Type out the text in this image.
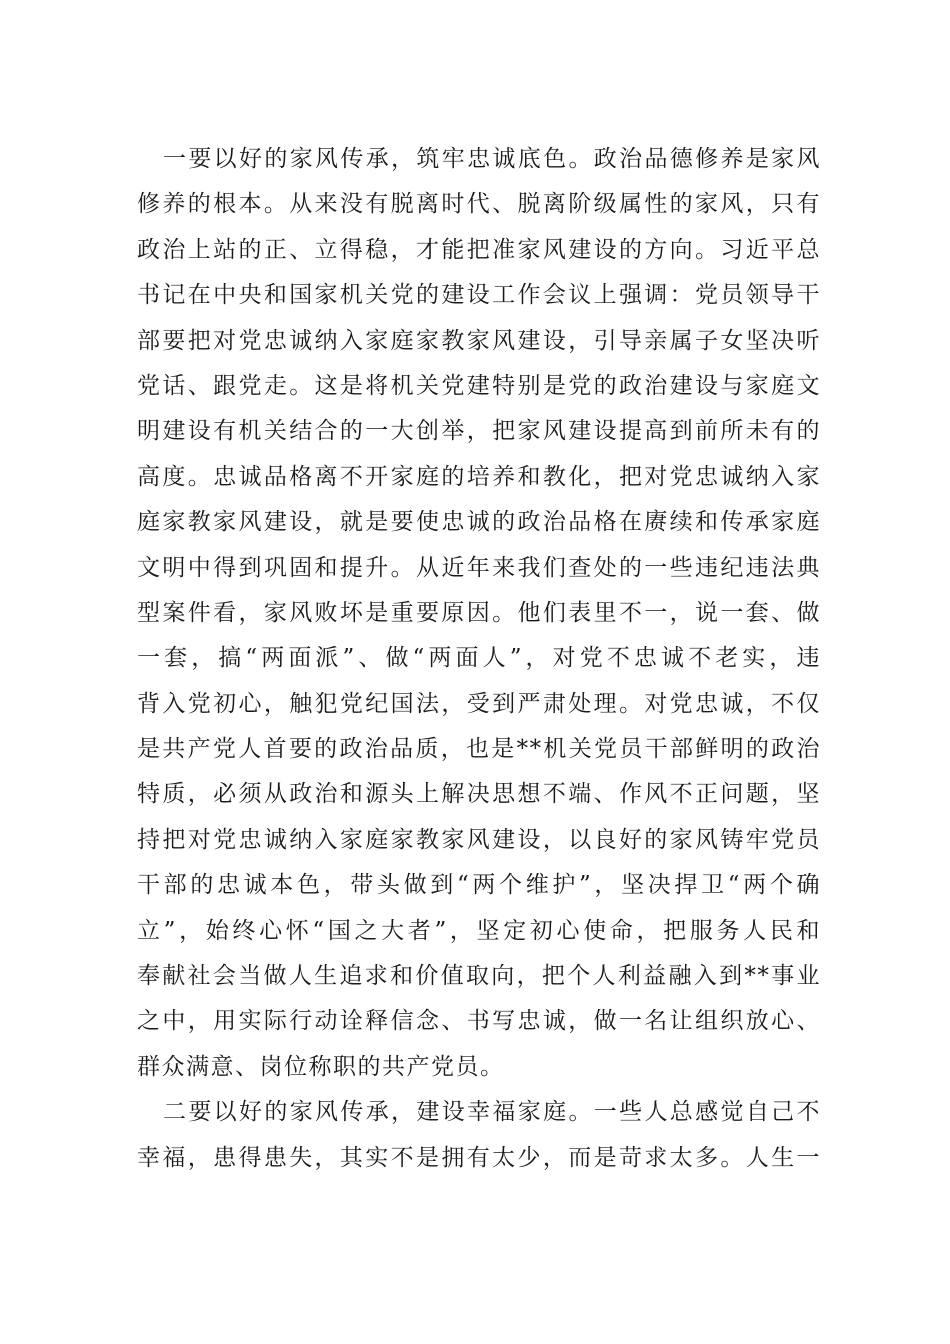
一要以好的家风传承，筑牢忠诚底色。政治品德修养是家风
修养的根本。从来没有脱离时代、脱离阶级属性的家风，只有
政治上站的正、立得稳，才能把准家风建设的方向。习近平总
书记在中央和国家机关党的建设工作会议上强调：党员领导干
部要把对党忠诚纳入家庭家教家风建设，引导亲属子女坚决听
党话、跟党走。这是将机关党建特别是党的政治建设与家庭文
明建设有机关结合的一大创举，把家风建设提高到前所未有的
高度。忠诚品格离不开家庭的培养和教化，把对党忠诚纳入家
庭家教家风建设，就是要使忠诚的政治品格在赓续和传承家庭
文明中得到巩固和提升。从近年来我们查处的一些违纪违法典
型案件看，家风败坏是重要原因。他们表里不一，说一套、做
一套，搞“两面派”、做“两面人”，对党不忠诚不老实，违
背入党初心，触犯党纪国法，受到严肃处理。对党忠诚，不仅
是共产党人首要的政治品质，也是**机关党员干部鲜明的政治
特质，必须从政治和源头上解决思想不端、作风不正问题，坚
持把对党忠诚纳入家庭家教家风建设，以良好的家风铸牢党员
干部的忠诚本色，带头做到“两个维护”，坚决捍卫“两个确
立”，始终心怀“国之大者”，坚定初心使命，把服务人民和
奉献社会当做人生追求和价值取向，把个人利益融入到**事业
之中，用实际行动诠释信念、书写忠诚，做一名让组织放心、
群众满意、岗位称职的共产党员。

二要以好的家风传承，建设幸福家庭。一些人总感觉自己不
幸福，患得患失，其实不是拥有太少，而是苛求太多。人生一
